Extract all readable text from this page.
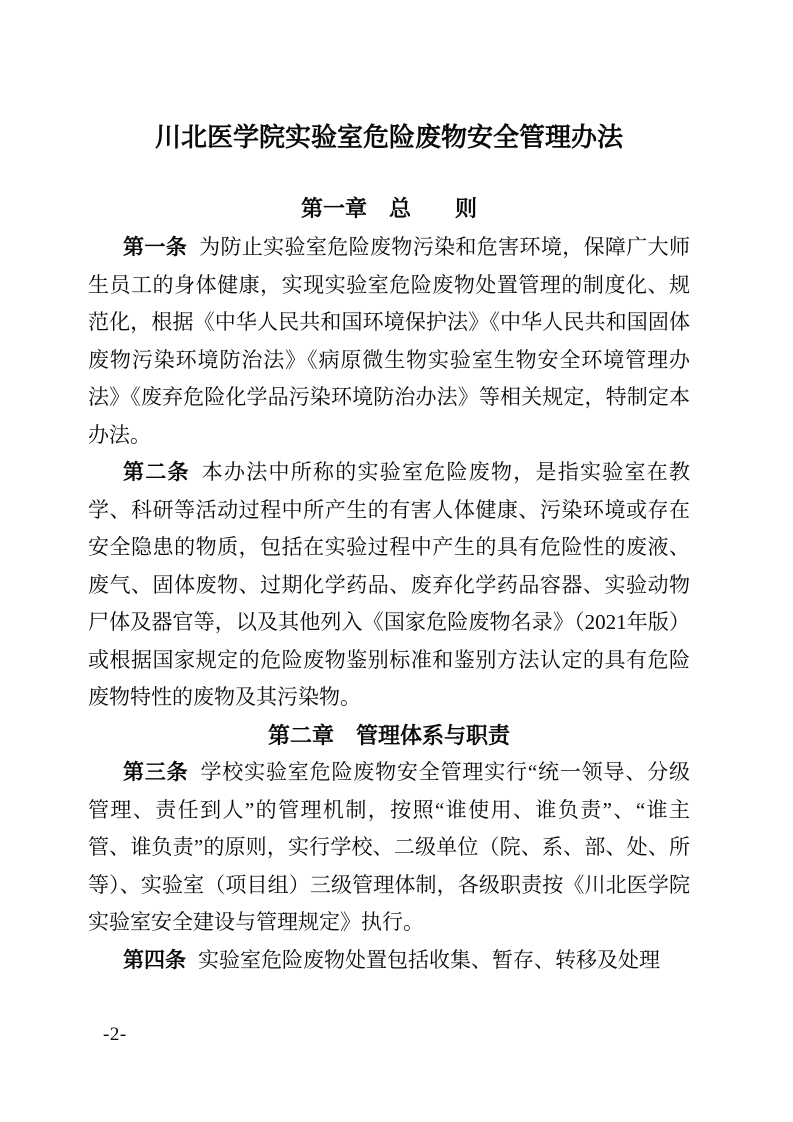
川北医学院实验室危险废物安全管理办法
第一章　总　　则

第一条 为防止实验室危险废物污染和危害环境，保障广大师生员工的身体健康，实现实验室危险废物处置管理的制度化、规范化，根据《中华人民共和国环境保护法》《中华人民共和国固体废物污染环境防治法》《病原微生物实验室生物安全环境管理办法》《废弃危险化学品污染环境防治办法》等相关规定，特制定本办法。

第二条 本办法中所称的实验室危险废物，是指实验室在教学、科研等活动过程中所产生的有害人体健康、污染环境或存在安全隐患的物质，包括在实验过程中产生的具有危险性的废液、废气、固体废物、过期化学药品、废弃化学药品容器、实验动物尸体及器官等，以及其他列入《国家危险废物名录》（2021年版）或根据国家规定的危险废物鉴别标准和鉴别方法认定的具有危险废物特性的废物及其污染物。

第二章　管理体系与职责

第三条 学校实验室危险废物安全管理实行“统一领导、分级管理、责任到人”的管理机制，按照“谁使用、谁负责”、“谁主管、谁负责”的原则，实行学校、二级单位（院、系、部、处、所等）、实验室（项目组）三级管理体制，各级职责按《川北医学院实验室安全建设与管理规定》执行。

第四条 实验室危险废物处置包括收集、暂存、转移及处理

-2-
